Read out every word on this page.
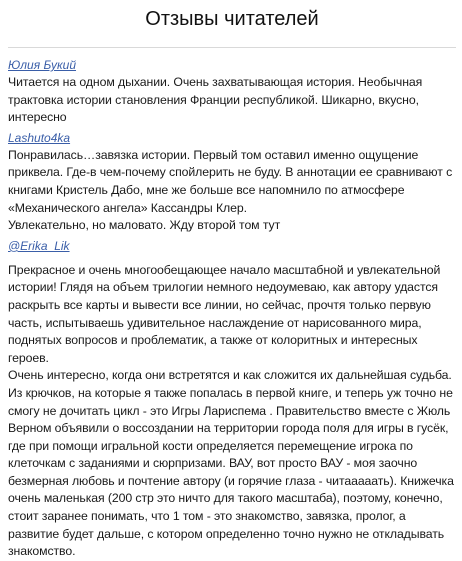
Отзывы читателей
Юлия Букий

Читается на одном дыхании. Очень захватывающая история. Необычная трактовка истории становления Франции республикой. Шикарно, вкусно, интересно

Lashuto4ka

Понравилась…завязка истории. Первый том оставил именно ощущение приквела. Где-в чем-почему спойлерить не буду. В аннотации ее сравнивают с книгами Кристель Дабо, мне же больше все напомнило по атмосфере «Механического ангела» Кассандры Клер.

Увлекательно, но маловато. Жду второй том тут

@Erika_Lik

Прекрасное и очень многообещающее начало масштабной и увлекательной истории! Глядя на объем трилогии немного недоумеваю, как автору удастся раскрыть все карты и вывести все линии, но сейчас, прочтя только первую часть, испытываешь удивительное наслаждение от нарисованного мира, поднятых вопросов и проблематик, а также от колоритных и интересных героев.

Очень интересно, когда они встретятся и как сложится их дальнейшая судьба. Из крючков, на которые я также попалась в первой книге, и теперь уж точно не смогу не дочитать цикл - это Игры Лариспема . Правительство вместе с Жюль Верном объявили о воссоздании на территории города поля для игры в гусёк, где при помощи игральной кости определяется перемещение игрока по клеточкам с заданиями и сюрпризами. ВАУ, вот просто ВАУ - моя заочно безмерная любовь и почтение автору (и горячие глаза - читааааать). Книжечка очень маленькая (200 стр это ничто для такого масштаба), поэтому, конечно, стоит заранее понимать, что 1 том - это знакомство, завязка, пролог, а развитие будет дальше, с котором определенно точно нужно не откладывать знакомство.
